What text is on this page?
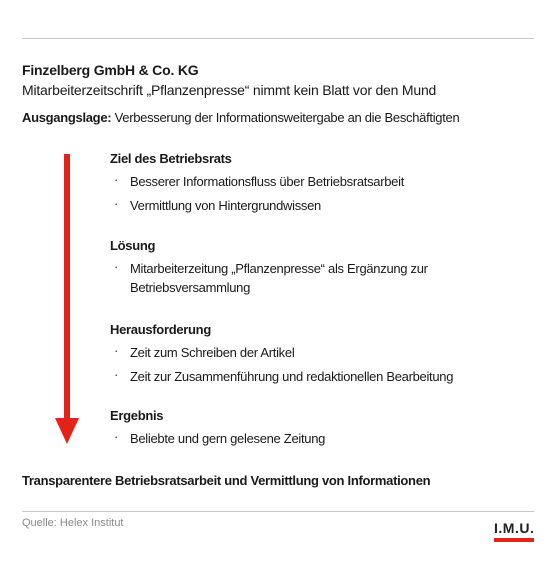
Finzelberg GmbH & Co. KG
Mitarbeiterzeitschrift „Pflanzenpresse“ nimmt kein Blatt vor den Mund
Ausgangslage: Verbesserung der Informationsweitergabe an die Beschäftigten
Ziel des Betriebsrats
· Besserer Informationsfluss über Betriebsratsarbeit
· Vermittlung von Hintergrundwissen
Lösung
· Mitarbeiterzeitung „Pflanzenpresse“ als Ergänzung zur Betriebsversammlung
Herausforderung
· Zeit zum Schreiben der Artikel
· Zeit zur Zusammenführung und redaktionellen Bearbeitung
Ergebnis
· Beliebte und gern gelesene Zeitung
Transparentere Betriebsratsarbeit und Vermittlung von Informationen
Quelle: Helex Institut	I.M.U.
